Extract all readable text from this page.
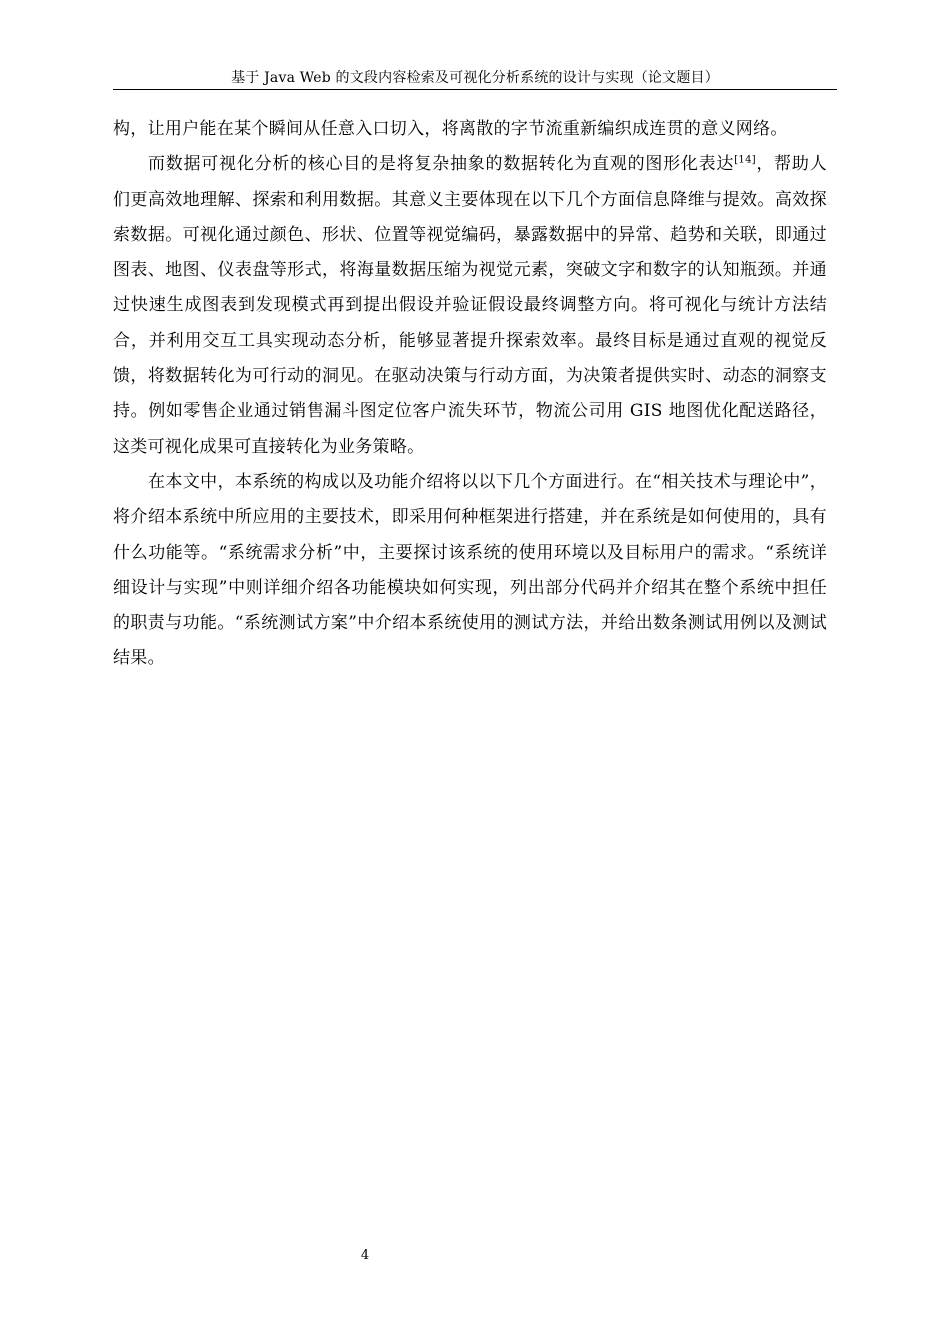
基于 Java Web 的文段内容检索及可视化分析系统的设计与实现（论文题目）

构，让用户能在某个瞬间从任意入口切入，将离散的字节流重新编织成连贯的意义网络。

而数据可视化分析的核心目的是将复杂抽象的数据转化为直观的图形化表达[14]，帮助人们更高效地理解、探索和利用数据。其意义主要体现在以下几个方面信息降维与提效。高效探索数据。可视化通过颜色、形状、位置等视觉编码，暴露数据中的异常、趋势和关联，即通过图表、地图、仪表盘等形式，将海量数据压缩为视觉元素，突破文字和数字的认知瓶颈。并通过快速生成图表到发现模式再到提出假设并验证假设最终调整方向。将可视化与统计方法结合，并利用交互工具实现动态分析，能够显著提升探索效率。最终目标是通过直观的视觉反馈，将数据转化为可行动的洞见。在驱动决策与行动方面，为决策者提供实时、动态的洞察支持。例如零售企业通过销售漏斗图定位客户流失环节，物流公司用 GIS 地图优化配送路径，这类可视化成果可直接转化为业务策略。

在本文中，本系统的构成以及功能介绍将以以下几个方面进行。在“相关技术与理论中”，将介绍本系统中所应用的主要技术，即采用何种框架进行搭建，并在系统是如何使用的，具有什么功能等。“系统需求分析”中，主要探讨该系统的使用环境以及目标用户的需求。“系统详细设计与实现”中则详细介绍各功能模块如何实现，列出部分代码并介绍其在整个系统中担任的职责与功能。“系统测试方案”中介绍本系统使用的测试方法，并给出数条测试用例以及测试结果。

4
